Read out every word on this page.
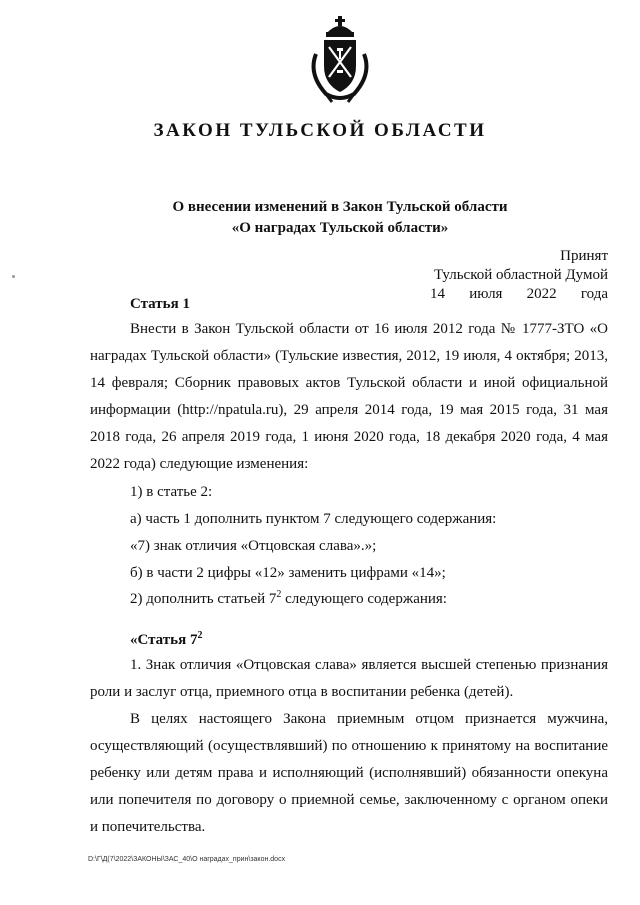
ЗАКОН ТУЛЬСКОЙ ОБЛАСТИ
О внесении изменений в Закон Тульской области
«О наградах Тульской области»
Принят
Тульской областной Думой
14 июля 2022 года
Статья 1

Внести в Закон Тульской области от 16 июля 2012 года № 1777-ЗТО «О наградах Тульской области» (Тульские известия, 2012, 19 июля, 4 октября; 2013, 14 февраля; Сборник правовых актов Тульской области и иной официальной информации (http://npatula.ru), 29 апреля 2014 года, 19 мая 2015 года, 31 мая 2018 года, 26 апреля 2019 года, 1 июня 2020 года, 18 декабря 2020 года, 4 мая 2022 года) следующие изменения:

1) в статье 2:
а) часть 1 дополнить пунктом 7 следующего содержания:
«7) знак отличия «Отцовская слава».»;
б) в части 2 цифры «12» заменить цифрами «14»;
2) дополнить статьей $7^2$ следующего содержания:
«Статья $7^2$

1. Знак отличия «Отцовская слава» является высшей степенью признания роли и заслуг отца, приемного отца в воспитании ребенка (детей).

В целях настоящего Закона приемным отцом признается мужчина, осуществляющий (осуществлявший) по отношению к принятому на воспитание ребенку или детям права и исполняющий (исполнявший) обязанности опекуна или попечителя по договору о приемной семье, заключенному с органом опеки и попечительства.

D:\Г\Д(7\2022\ЗАКОНЫ\ЗАС_40\О наградах_прин\закон.docx
